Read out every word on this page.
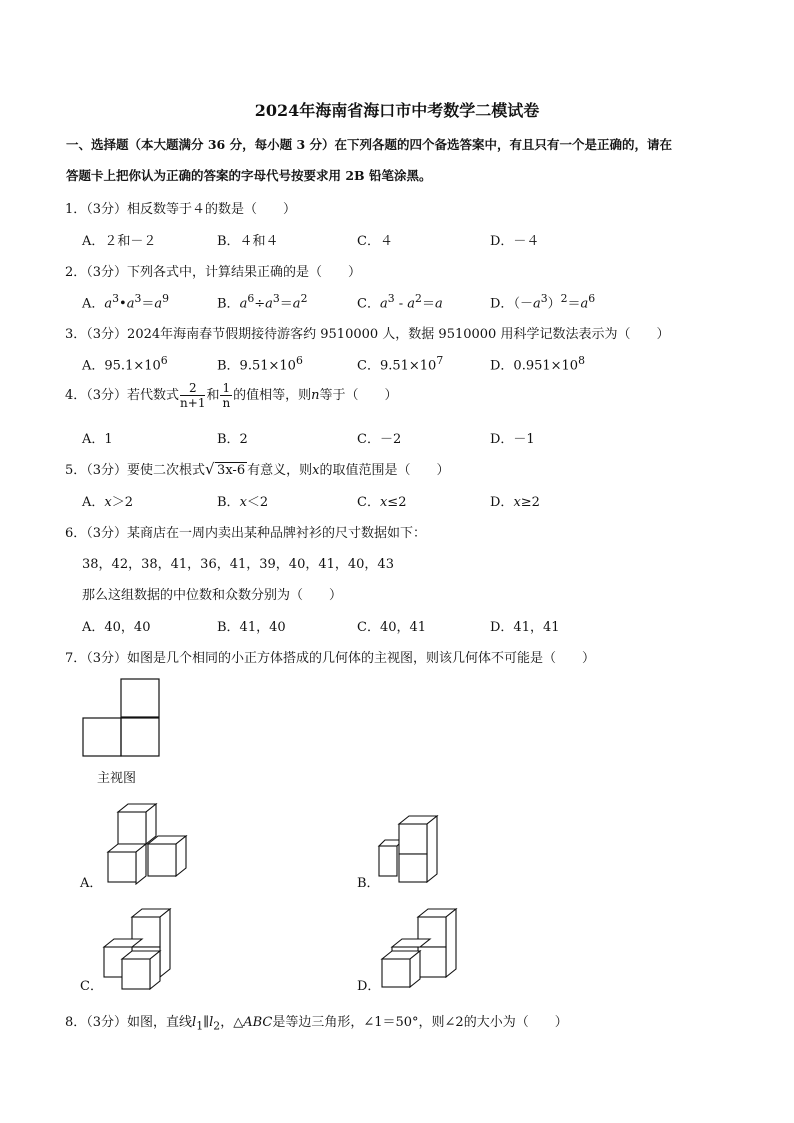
2024年海南省海口市中考数学二模试卷
一、选择题（本大题满分 36 分，每小题 3 分）在下列各题的四个备选答案中，有且只有一个是正确的，请在
答题卡上把你认为正确的答案的字母代号按要求用 2B 铅笔涂黑。
1．（3分）相反数等于４的数是（　　）
A．２和－２	B．４和４	C．４	D．－４
2．（3分）下列各式中，计算结果正确的是（　　）
A．$a^3•a^3=a^9$	B．$a^6\div a^3=a^2$	C．$a^3 - a^2=a$	D．$(-a^3)^2=a^6$
3．（3分）2024年海南春节假期接待游客约 9510000 人，数据 9510000 用科学记数法表示为（　　）
A．$95.1\times 10^6$	B．$9.51\times 10^6$	C．$9.51\times 10^7$	D．$0.951\times 10^8$
4．（3分）若代数式 $\frac{2}{n+1}$ 和 $\frac{1}{n}$ 的值相等，则n等于（　　）
A．1	B．2	C．－2	D．－1
5．（3分）要使二次根式 √ 3x-6 有意义，则x的取值范围是（　　）
A．x＞2	B．x＜2	C．x≤2	D．x≥2
6．（3分）某商店在一周内卖出某种品牌衬衫的尺寸数据如下：
38，42，38，41，36，41，39，40，41，40，43
那么这组数据的中位数和众数分别为（　　）
A．40，40	B．41，40	C．40，41	D．41，41
7．（3分）如图是几个相同的小正方体搭成的几何体的主视图，则该几何体不可能是（　　）
主视图
A．	B．
C．	D．
8．（3分）如图，直线$l_1\parallel l_2$，△ABC是等边三角形，∠1＝50°，则∠2的大小为（　　）
